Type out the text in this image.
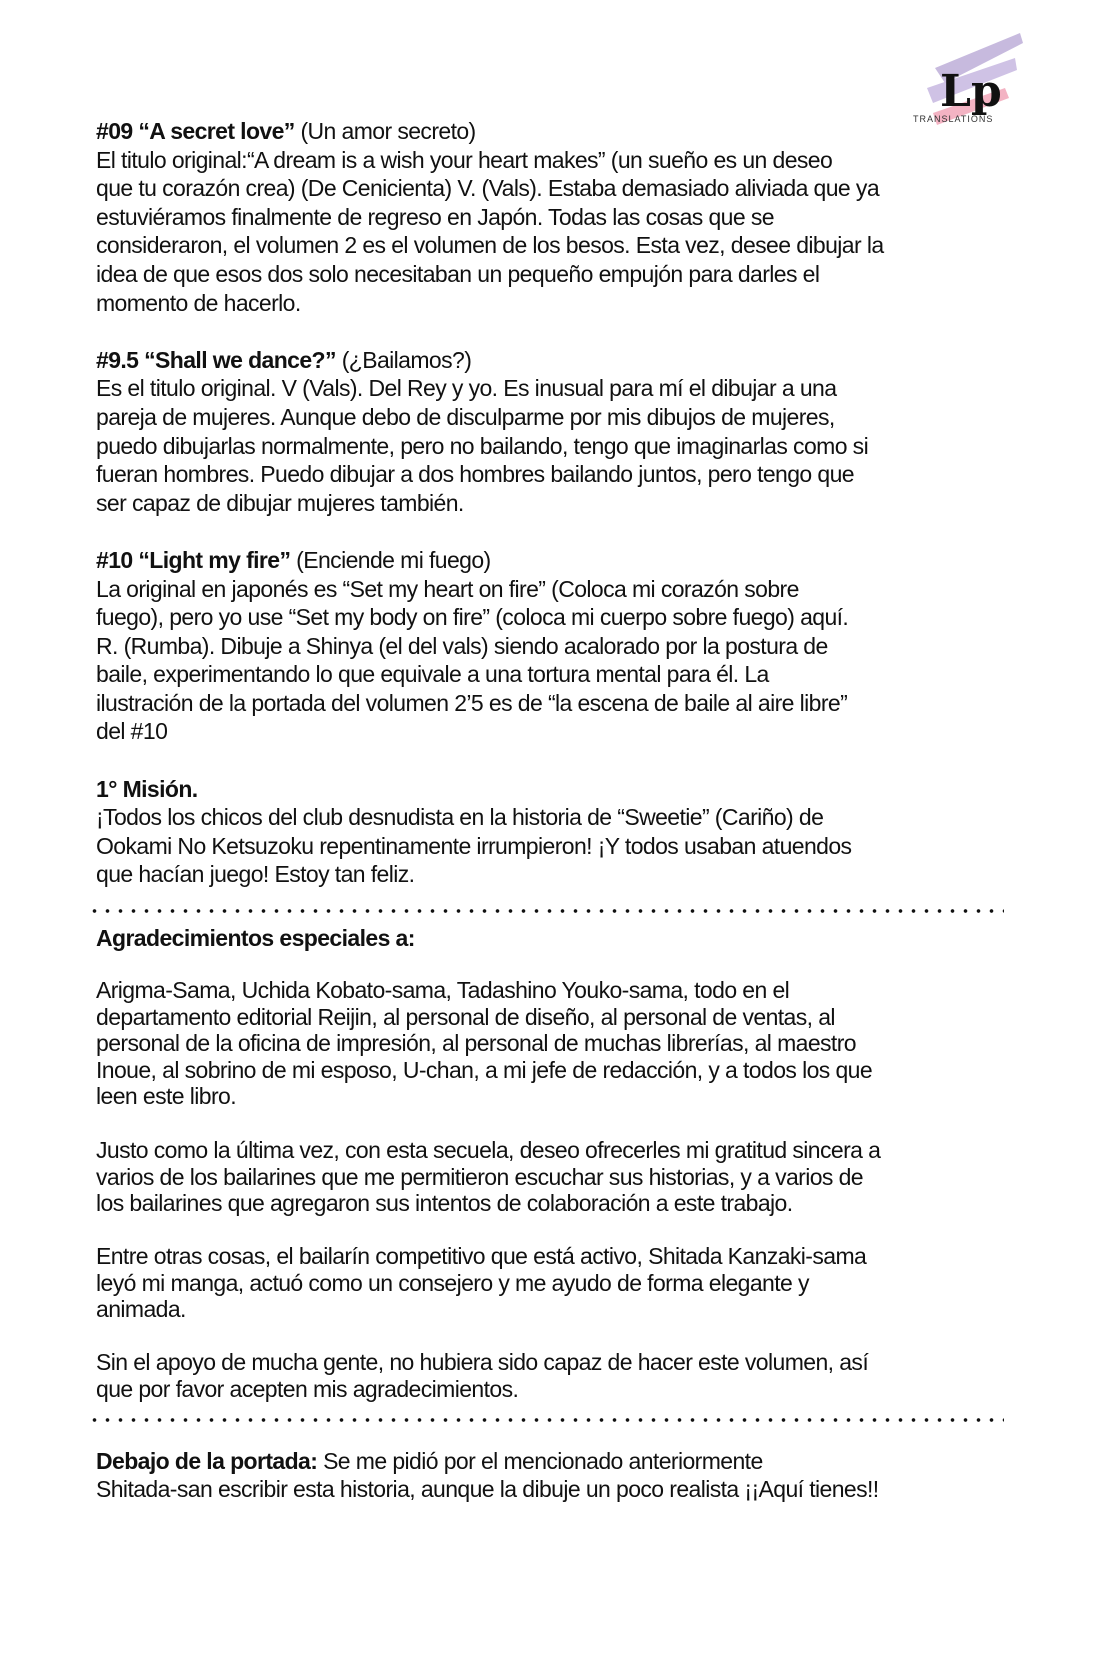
Lp
TRANSLATIONS
#09 “A secret love” (Un amor secreto)
El titulo original:“A dream is a wish your heart makes” (un sueño es un deseo
que tu corazón crea) (De Cenicienta) V. (Vals). Estaba demasiado aliviada que ya
estuviéramos finalmente de regreso en Japón. Todas las cosas que se
consideraron, el volumen 2 es el volumen de los besos. Esta vez, desee dibujar la
idea de que esos dos solo necesitaban un pequeño empujón para darles el
momento de hacerlo.
#9.5 “Shall we dance?” (¿Bailamos?)
Es el titulo original. V (Vals). Del Rey y yo. Es inusual para mí el dibujar a una
pareja de mujeres. Aunque debo de disculparme por mis dibujos de mujeres,
puedo dibujarlas normalmente, pero no bailando, tengo que imaginarlas como si
fueran hombres. Puedo dibujar a dos hombres bailando juntos, pero tengo que
ser capaz de dibujar mujeres también.
#10 “Light my fire” (Enciende mi fuego)
La original en japonés es “Set my heart on fire” (Coloca mi corazón sobre
fuego), pero yo use “Set my body on fire” (coloca mi cuerpo sobre fuego) aquí.
R. (Rumba). Dibuje a Shinya (el del vals) siendo acalorado por la postura de
baile, experimentando lo que equivale a una tortura mental para él. La
ilustración de la portada del volumen 2’5 es de “la escena de baile al aire libre”
del #10
1° Misión.
¡Todos los chicos del club desnudista en la historia de “Sweetie” (Cariño) de
Ookami No Ketsuzoku repentinamente irrumpieron! ¡Y todos usaban atuendos
que hacían juego! Estoy tan feliz.
Agradecimientos especiales a:
Arigma-Sama, Uchida Kobato-sama, Tadashino Youko-sama, todo en el
departamento editorial Reijin, al personal de diseño, al personal de ventas, al
personal de la oficina de impresión, al personal de muchas librerías, al maestro
Inoue, al sobrino de mi esposo, U-chan, a mi jefe de redacción, y a todos los que
leen este libro.
Justo como la última vez, con esta secuela, deseo ofrecerles mi gratitud sincera a
varios de los bailarines que me permitieron escuchar sus historias, y a varios de
los bailarines que agregaron sus intentos de colaboración a este trabajo.
Entre otras cosas, el bailarín competitivo que está activo, Shitada Kanzaki-sama
leyó mi manga, actuó como un consejero y me ayudo de forma elegante y
animada.
Sin el apoyo de mucha gente, no hubiera sido capaz de hacer este volumen, así
que por favor acepten mis agradecimientos.
Debajo de la portada: Se me pidió por el mencionado anteriormente
Shitada-san escribir esta historia, aunque la dibuje un poco realista ¡¡Aquí tienes!!
